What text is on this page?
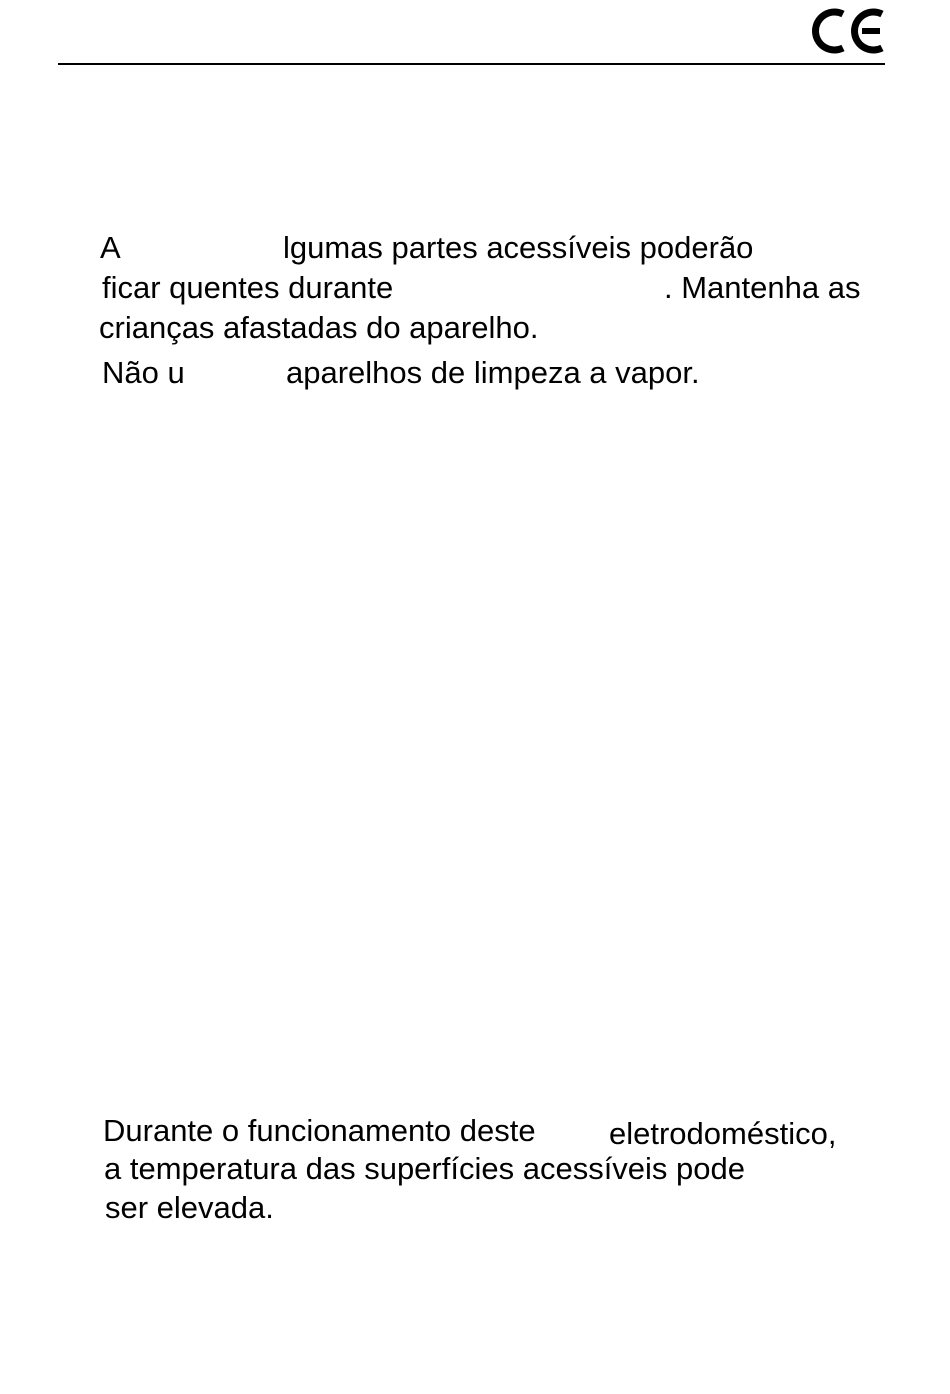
A	lgumas partes acessíveis poderão
ficar quentes durante	. Mantenha as
crianças afastadas do aparelho.
Não u	aparelhos de limpeza a vapor.
Durante o funcionamento deste eletrodoméstico,
a temperatura das superfícies acessíveis pode
ser elevada.
